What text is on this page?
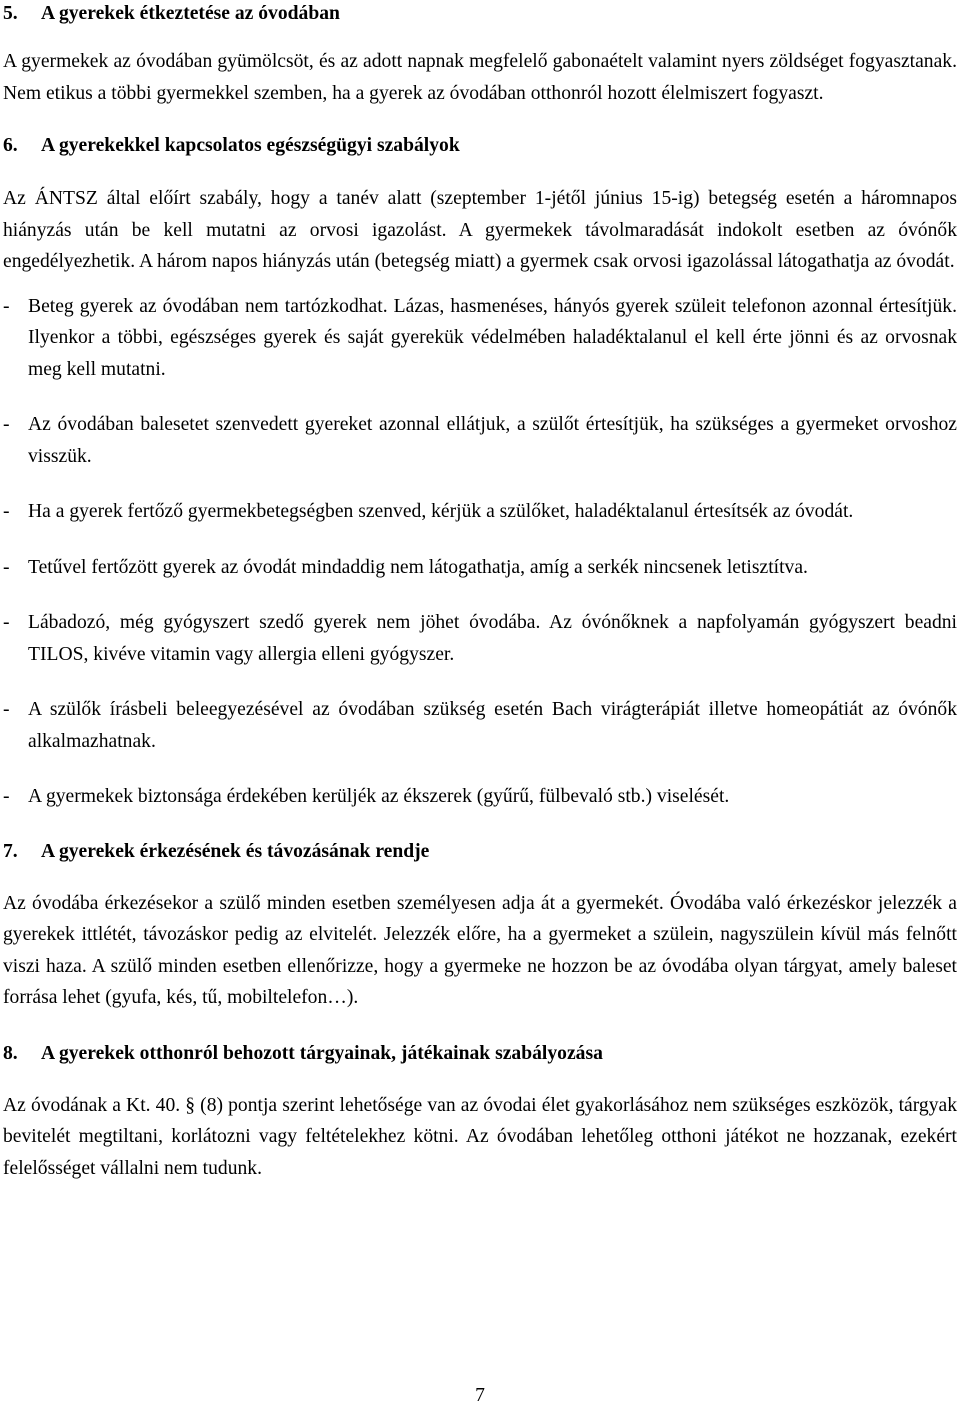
5.	A gyerekek étkeztetése az óvodában

A gyermekek az óvodában gyümölcsöt, és az adott napnak megfelelő gabonaételt valamint nyers zöldséget fogyasztanak. Nem etikus a többi gyermekkel szemben, ha a gyerek az óvodában otthonról hozott élelmiszert fogyaszt.

6.	A gyerekekkel kapcsolatos egészségügyi szabályok

Az ÁNTSZ által előírt szabály, hogy a tanév alatt (szeptember 1-jétől június 15-ig) betegség esetén a háromnapos hiányzás után be kell mutatni az orvosi igazolást. A gyermekek távolmaradását indokolt esetben az óvónők engedélyezhetik. A három napos hiányzás után (betegség miatt) a gyermek csak orvosi igazolással látogathatja az óvodát.

- Beteg gyerek az óvodában nem tartózkodhat. Lázas, hasmenéses, hányós gyerek szüleit telefonon azonnal értesítjük. Ilyenkor a többi, egészséges gyerek és saját gyerekük védelmében haladéktalanul el kell érte jönni és az orvosnak meg kell mutatni.
- Az óvodában balesetet szenvedett gyereket azonnal ellátjuk, a szülőt értesítjük, ha szükséges a gyermeket orvoshoz visszük.
- Ha a gyerek fertőző gyermekbetegségben szenved, kérjük a szülőket, haladéktalanul értesítsék az óvodát.
- Tetűvel fertőzött gyerek az óvodát mindaddig nem látogathatja, amíg a serkék nincsenek letisztítva.
- Lábadozó, még gyógyszert szedő gyerek nem jöhet óvodába. Az óvónőknek a napfolyamán gyógyszert beadni TILOS, kivéve vitamin vagy allergia elleni gyógyszer.
- A szülők írásbeli beleegyezésével az óvodában szükség esetén Bach virágterápiát illetve homeopátiát az óvónők alkalmazhatnak.
- A gyermekek biztonsága érdekében kerüljék az ékszerek (gyűrű, fülbevaló stb.) viselését.
7.	A gyerekek érkezésének és távozásának rendje

Az óvodába érkezésekor a szülő minden esetben személyesen adja át a gyermekét. Óvodába való érkezéskor jelezzék a gyerekek ittlétét, távozáskor pedig az elvitelét. Jelezzék előre, ha a gyermeket a szülein, nagyszülein kívül más felnőtt viszi haza. A szülő minden esetben ellenőrizze, hogy a gyermeke ne hozzon be az óvodába olyan tárgyat, amely baleset forrása lehet (gyufa, kés, tű, mobiltelefon…).

8.	A gyerekek otthonról behozott tárgyainak, játékainak szabályozása

Az óvodának a Kt. 40. § (8) pontja szerint lehetősége van az óvodai élet gyakorlásához nem szükséges eszközök, tárgyak bevitelét megtiltani, korlátozni vagy feltételekhez kötni. Az óvodában lehetőleg otthoni játékot ne hozzanak, ezekért felelősséget vállalni nem tudunk.

7
